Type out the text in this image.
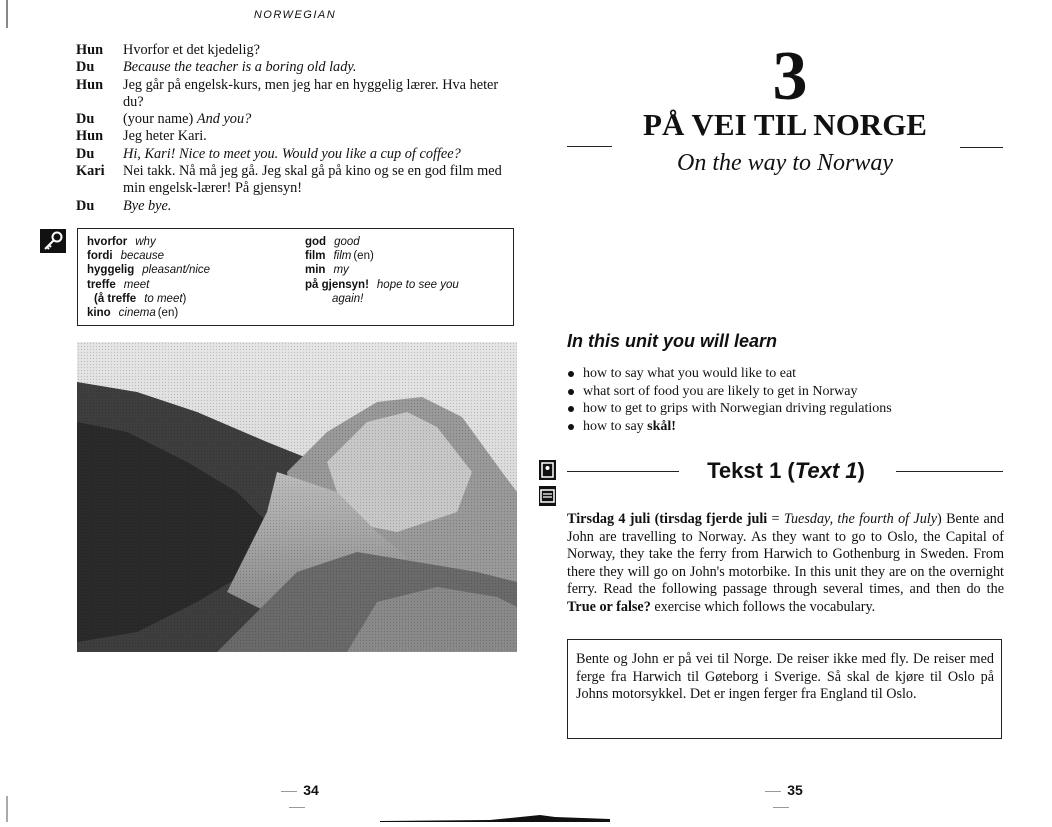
NORWEGIAN
Hun	Hvorfor et det kjedelig?
Du	Because the teacher is a boring old lady.
Hun	Jeg går på engelsk-kurs, men jeg har en hyggelig lærer. Hva heter du?
Du	(your name) And you?
Hun	Jeg heter Kari.
Du	Hi, Kari! Nice to meet you. Would you like a cup of coffee?
Kari	Nei takk. Nå må jeg gå. Jeg skal gå på kino og se en god film med min engelsk-lærer! På gjensyn!
Du	Bye bye.
hvorfor why
fordi because
hyggelig pleasant/nice
treffe meet
(å treffe to meet)
kino cinema (en)
god good
film film (en)
min my
på gjensyn! hope to see you
again!
34
3
PÅ VEI TIL NORGE
On the way to Norway
In this unit you will learn
how to say what you would like to eat
what sort of food you are likely to get in Norway
how to get to grips with Norwegian driving regulations
how to say skål!
Tekst 1 (Text 1)
Tirsdag 4 juli (tirsdag fjerde juli = Tuesday, the fourth of July) Bente and John are travelling to Norway. As they want to go to Oslo, the Capital of Norway, they take the ferry from Harwich to Gothenburg in Sweden. From there they will go on John's motorbike. In this unit they are on the overnight ferry. Read the following passage through several times, and then do the True or false? exercise which follows the vocabulary.
Bente og John er på vei til Norge. De reiser ikke med fly. De reiser med ferge fra Harwich til Gøteborg i Sverige. Så skal de kjøre til Oslo på Johns motorsykkel. Det er ingen ferger fra England til Oslo.
35
